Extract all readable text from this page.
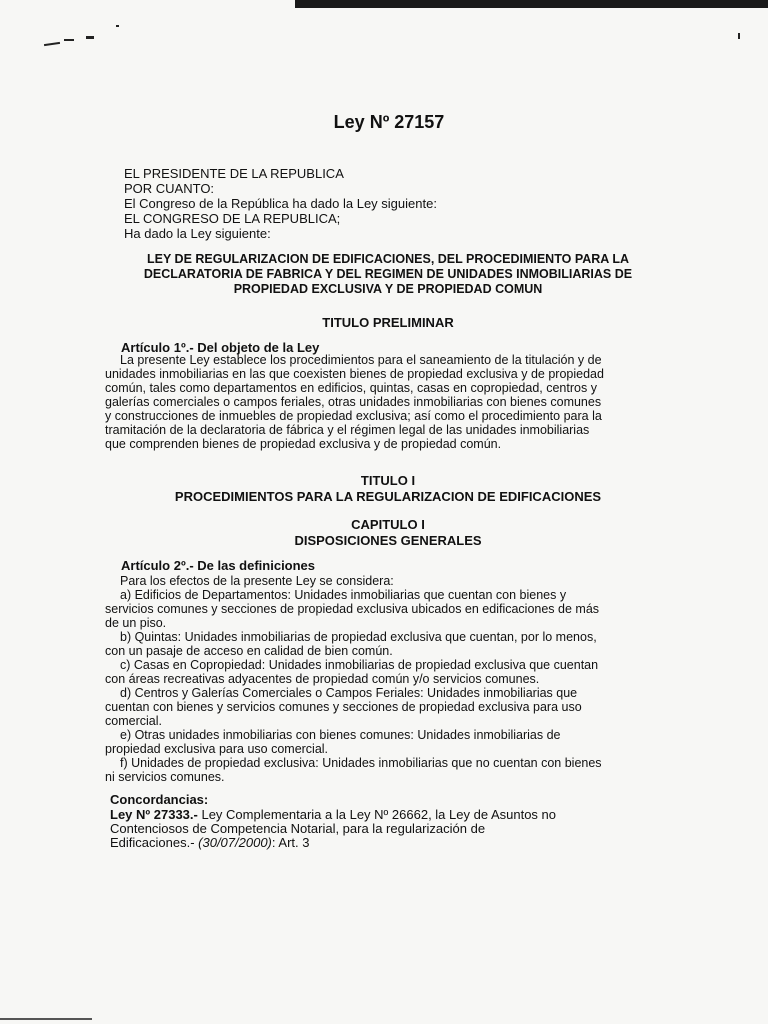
Ley Nº 27157
EL PRESIDENTE DE LA REPUBLICA
POR CUANTO:
El Congreso de la República ha dado la Ley siguiente:
EL CONGRESO DE LA REPUBLICA;
Ha dado la Ley siguiente:
LEY DE REGULARIZACION DE EDIFICACIONES, DEL PROCEDIMIENTO PARA LA
DECLARATORIA DE FABRICA Y DEL REGIMEN DE UNIDADES INMOBILIARIAS DE
PROPIEDAD EXCLUSIVA Y DE PROPIEDAD COMUN
TITULO PRELIMINAR
Artículo 1º.- Del objeto de la Ley
La presente Ley establece los procedimientos para el saneamiento de la titulación y de
unidades inmobiliarias en las que coexisten bienes de propiedad exclusiva y de propiedad
común, tales como departamentos en edificios, quintas, casas en copropiedad, centros y
galerías comerciales o campos feriales, otras unidades inmobiliarias con bienes comunes
y construcciones de inmuebles de propiedad exclusiva; así como el procedimiento para la
tramitación de la declaratoria de fábrica y el régimen legal de las unidades inmobiliarias
que comprenden bienes de propiedad exclusiva y de propiedad común.
TITULO I
PROCEDIMIENTOS PARA LA REGULARIZACION DE EDIFICACIONES
CAPITULO I
DISPOSICIONES GENERALES
Artículo 2º.- De las definiciones
Para los efectos de la presente Ley se considera:
a) Edificios de Departamentos: Unidades inmobiliarias que cuentan con bienes y
servicios comunes y secciones de propiedad exclusiva ubicados en edificaciones de más
de un piso.
b) Quintas: Unidades inmobiliarias de propiedad exclusiva que cuentan, por lo menos,
con un pasaje de acceso en calidad de bien común.
c) Casas en Copropiedad: Unidades inmobiliarias de propiedad exclusiva que cuentan
con áreas recreativas adyacentes de propiedad común y/o servicios comunes.
d) Centros y Galerías Comerciales o Campos Feriales: Unidades inmobiliarias que
cuentan con bienes y servicios comunes y secciones de propiedad exclusiva para uso
comercial.
e) Otras unidades inmobiliarias con bienes comunes: Unidades inmobiliarias de
propiedad exclusiva para uso comercial.
f) Unidades de propiedad exclusiva: Unidades inmobiliarias que no cuentan con bienes
ni servicios comunes.
Concordancias:
Ley Nº 27333.- Ley Complementaria a la Ley Nº 26662, la Ley de Asuntos no
Contenciosos de Competencia Notarial, para la regularización de
Edificaciones.- (30/07/2000): Art. 3
